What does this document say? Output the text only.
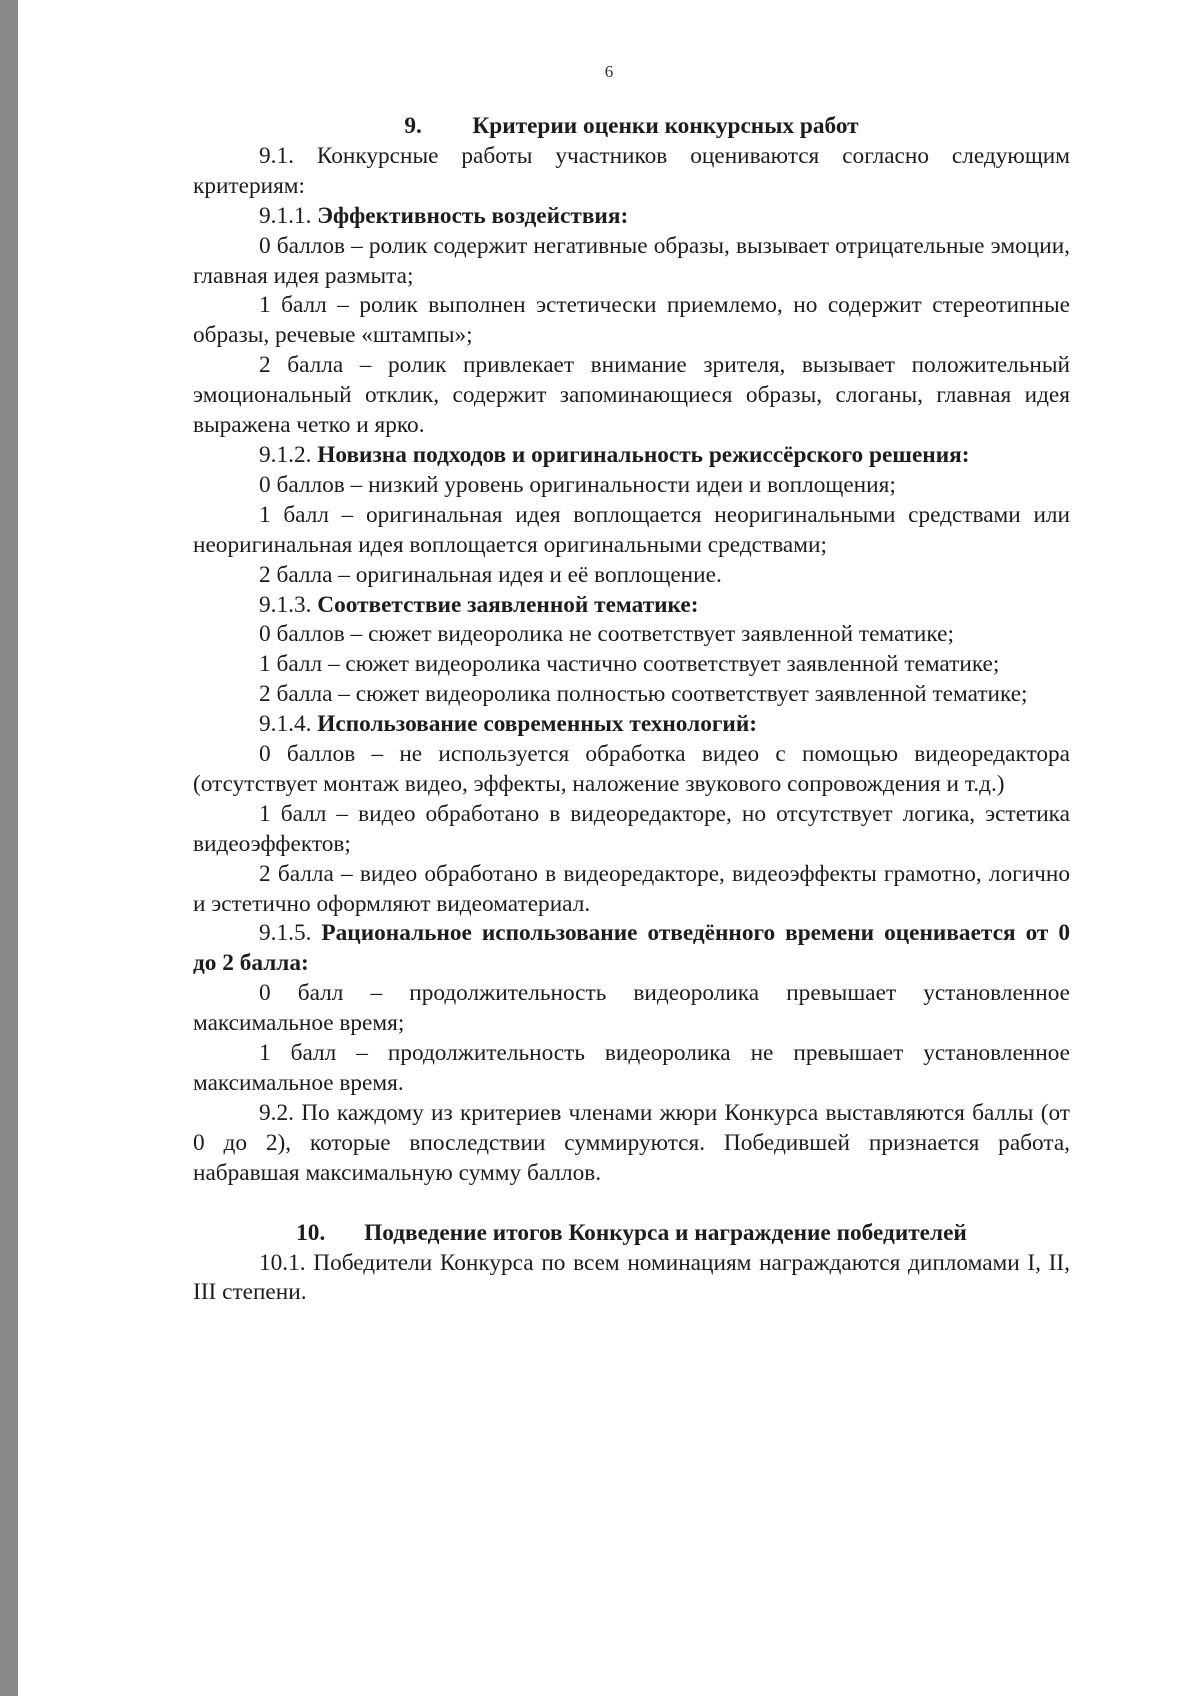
6

9. Критерии оценки конкурсных работ

9.1. Конкурсные работы участников оцениваются согласно следующим критериям:

9.1.1. Эффективность воздействия:

0 баллов – ролик содержит негативные образы, вызывает отрицательные эмоции, главная идея размыта;

1 балл – ролик выполнен эстетически приемлемо, но содержит стереотипные образы, речевые «штампы»;

2 балла – ролик привлекает внимание зрителя, вызывает положительный эмоциональный отклик, содержит запоминающиеся образы, слоганы, главная идея выражена четко и ярко.

9.1.2. Новизна подходов и оригинальность режиссёрского решения:

0 баллов – низкий уровень оригинальности идеи и воплощения;

1 балл – оригинальная идея воплощается неоригинальными средствами или неоригинальная идея воплощается оригинальными средствами;

2 балла – оригинальная идея и её воплощение.

9.1.3. Соответствие заявленной тематике:

0 баллов – сюжет видеоролика не соответствует заявленной тематике;

1 балл – сюжет видеоролика частично соответствует заявленной тематике;

2 балла – сюжет видеоролика полностью соответствует заявленной тематике;

9.1.4. Использование современных технологий:

0 баллов – не используется обработка видео с помощью видеоредактора (отсутствует монтаж видео, эффекты, наложение звукового сопровождения и т.д.)

1 балл – видео обработано в видеоредакторе, но отсутствует логика, эстетика видеоэффектов;

2 балла – видео обработано в видеоредакторе, видеоэффекты грамотно, логично и эстетично оформляют видеоматериал.

9.1.5. Рациональное использование отведённого времени оценивается от 0 до 2 балла:

0 балл – продолжительность видеоролика превышает установленное максимальное время;

1 балл – продолжительность видеоролика не превышает установленное максимальное время.

9.2. По каждому из критериев членами жюри Конкурса выставляются баллы (от 0 до 2), которые впоследствии суммируются. Победившей признается работа, набравшая максимальную сумму баллов.

10. Подведение итогов Конкурса и награждение победителей

10.1. Победители Конкурса по всем номинациям награждаются дипломами I, II, III степени.
